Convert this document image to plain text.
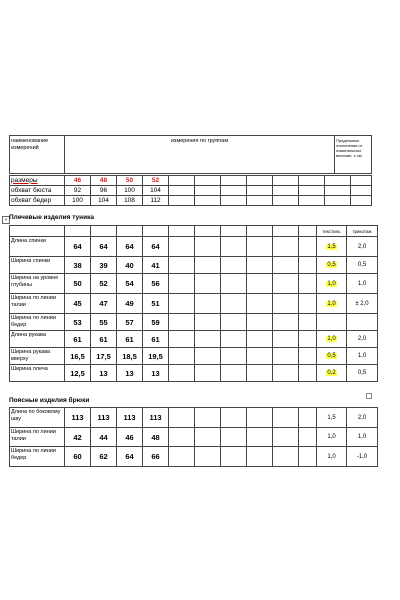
наименование измерений	измерения по группам	Предельные отклонения от номинальных величин, ± см.
размеры	46	48	50	52								
обхват бюста	92	96	100	104								
обхват бедер	100	104	108	112								
+ Плечевые изделия туника
											текстиль	трикотаж
Длина спинки	64	64	64	64							1,5	2,0
Ширина спинки	38	39	40	41							0,5	0,5
Ширина на уровне глубины	50	52	54	56							1,0	1,0
Ширина по линии талии	45	47	49	51							1,0	± 2,0
Ширина по линии бедер	53	55	57	59								
Длина рукава	61	61	61	61							1,0	2,0
Ширина рукава вверху	16,5	17,5	18,5	19,5							0,5	1,0
Ширина плеча	12,5	13	13	13							0,2	0,5
Поясные изделия брюки
Длина по боковому шву	113	113	113	113							1,5	2,0
Ширина по линии талии	42	44	46	48							1,0	1,0
Ширина по линии бедер	60	62	64	66							1,0	-1,0
